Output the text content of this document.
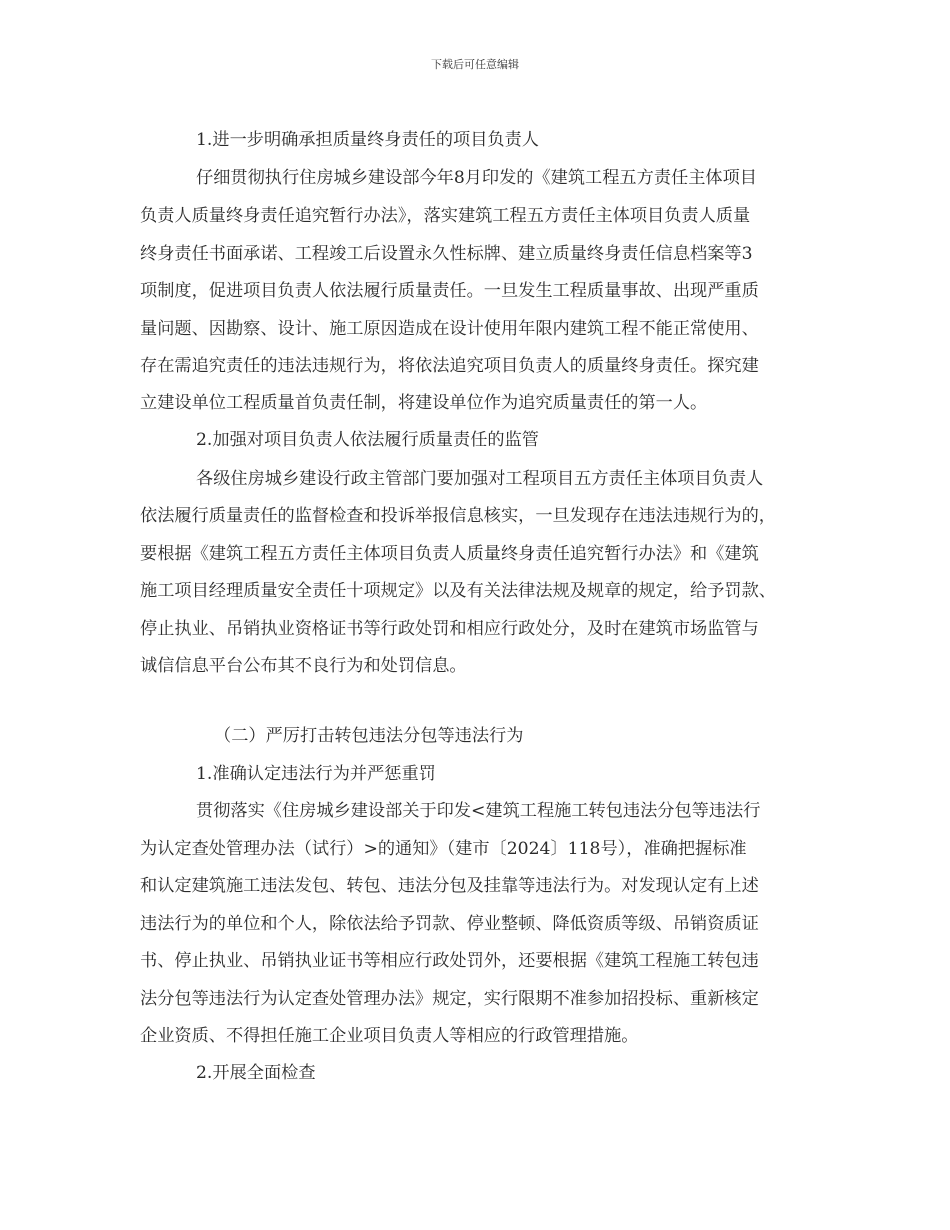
下载后可任意编辑
1.进一步明确承担质量终身责任的项目负责人
仔细贯彻执行住房城乡建设部今年8月印发的《建筑工程五方责任主体项目
负责人质量终身责任追究暂行办法》，落实建筑工程五方责任主体项目负责人质量
终身责任书面承诺、工程竣工后设置永久性标牌、建立质量终身责任信息档案等3
项制度，促进项目负责人依法履行质量责任。一旦发生工程质量事故、出现严重质
量问题、因勘察、设计、施工原因造成在设计使用年限内建筑工程不能正常使用、
存在需追究责任的违法违规行为，将依法追究项目负责人的质量终身责任。探究建
立建设单位工程质量首负责任制，将建设单位作为追究质量责任的第一人。
2.加强对项目负责人依法履行质量责任的监管
各级住房城乡建设行政主管部门要加强对工程项目五方责任主体项目负责人
依法履行质量责任的监督检查和投诉举报信息核实，一旦发现存在违法违规行为的，
要根据《建筑工程五方责任主体项目负责人质量终身责任追究暂行办法》和《建筑
施工项目经理质量安全责任十项规定》以及有关法律法规及规章的规定，给予罚款、
停止执业、吊销执业资格证书等行政处罚和相应行政处分，及时在建筑市场监管与
诚信信息平台公布其不良行为和处罚信息。
（二）严厉打击转包违法分包等违法行为
1.准确认定违法行为并严惩重罚
贯彻落实《住房城乡建设部关于印发<建筑工程施工转包违法分包等违法行
为认定查处管理办法（试行）>的通知》（建市〔2024〕118号），准确把握标准
和认定建筑施工违法发包、转包、违法分包及挂靠等违法行为。对发现认定有上述
违法行为的单位和个人，除依法给予罚款、停业整顿、降低资质等级、吊销资质证
书、停止执业、吊销执业证书等相应行政处罚外，还要根据《建筑工程施工转包违
法分包等违法行为认定查处管理办法》规定，实行限期不准参加招投标、重新核定
企业资质、不得担任施工企业项目负责人等相应的行政管理措施。
2.开展全面检查
